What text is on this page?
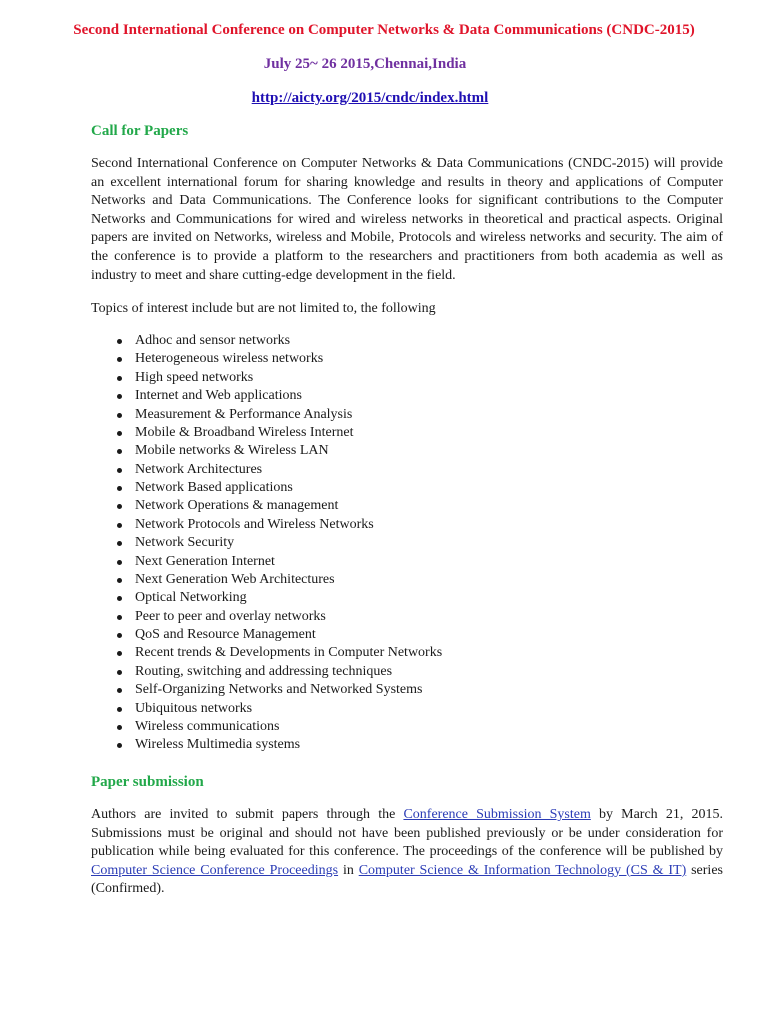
Second International Conference on Computer Networks & Data Communications (CNDC-2015)
July 25~ 26 2015,Chennai,India
http://aicty.org/2015/cndc/index.html
Call for Papers

Second International Conference on Computer Networks & Data Communications (CNDC-2015) will provide an excellent international forum for sharing knowledge and results in theory and applications of Computer Networks and Data Communications. The Conference looks for significant contributions to the Computer Networks and Communications for wired and wireless networks in theoretical and practical aspects. Original papers are invited on Networks, wireless and Mobile, Protocols and wireless networks and security. The aim of the conference is to provide a platform to the researchers and practitioners from both academia as well as industry to meet and share cutting-edge development in the field.

Topics of interest include but are not limited to, the following

Adhoc and sensor networks
Heterogeneous wireless networks
High speed networks
Internet and Web applications
Measurement & Performance Analysis
Mobile & Broadband Wireless Internet
Mobile networks & Wireless LAN
Network Architectures
Network Based applications
Network Operations & management
Network Protocols and Wireless Networks
Network Security
Next Generation Internet
Next Generation Web Architectures
Optical Networking
Peer to peer and overlay networks
QoS and Resource Management
Recent trends & Developments in Computer Networks
Routing, switching and addressing techniques
Self-Organizing Networks and Networked Systems
Ubiquitous networks
Wireless communications
Wireless Multimedia systems
Paper submission

Authors are invited to submit papers through the Conference Submission System by March 21, 2015. Submissions must be original and should not have been published previously or be under consideration for publication while being evaluated for this conference. The proceedings of the conference will be published by Computer Science Conference Proceedings in Computer Science & Information Technology (CS & IT) series (Confirmed).
